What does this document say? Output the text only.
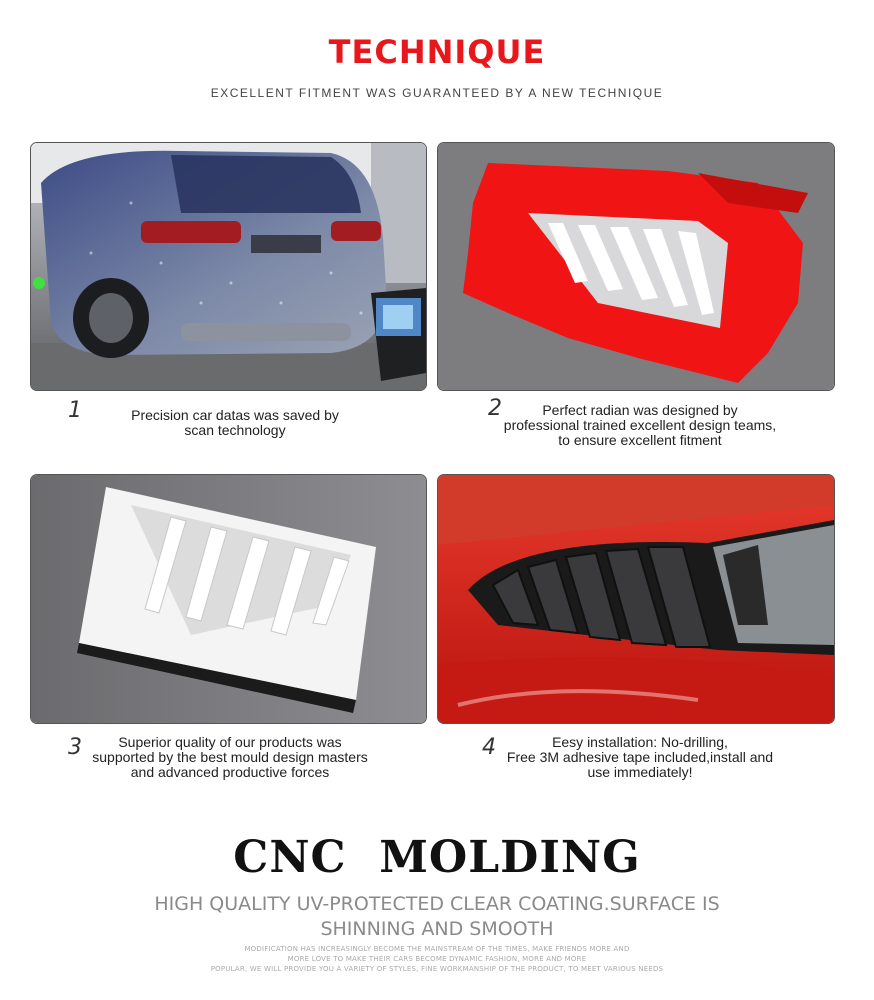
TECHNIQUE
EXCELLENT FITMENT WAS GUARANTEED BY A NEW TECHNIQUE
1	Precision car datas was saved by
scan technology
2	Perfect radian was designed by
professional trained excellent design teams,
to ensure excellent fitment
3	Superior quality of our products was
supported by the best mould design masters
and advanced productive forces
4	Eesy installation: No-drilling,
Free 3M adhesive tape included,install and
use immediately!
CNC  MOLDING
HIGH QUALITY UV-PROTECTED CLEAR COATING.SURFACE IS
SHINNING AND SMOOTH
MODIFICATION HAS INCREASINGLY BECOME THE MAINSTREAM OF THE TIMES, MAKE FRIENDS MORE AND
MORE LOVE TO MAKE THEIR CARS BECOME DYNAMIC FASHION, MORE AND MORE
POPULAR, WE WILL PROVIDE YOU A VARIETY OF STYLES, FINE WORKMANSHIP OF THE PRODUCT, TO MEET VARIOUS NEEDS
